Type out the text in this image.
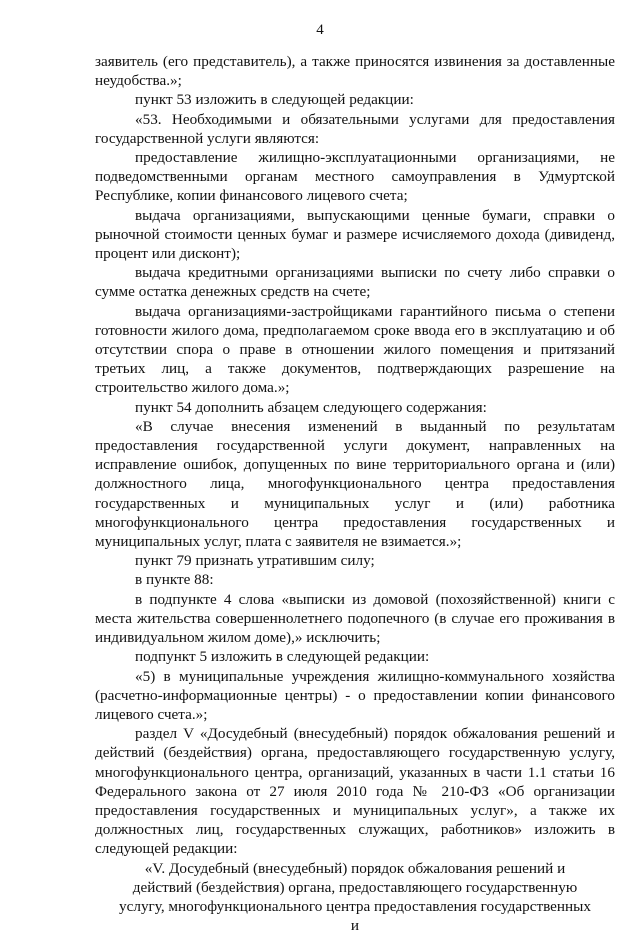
4

заявитель (его представитель), а также приносятся извинения за доставленные неудобства.»;

пункт 53 изложить в следующей редакции:

«53. Необходимыми и обязательными услугами для предоставления государственной услуги являются:

предоставление жилищно-эксплуатационными организациями, не подведомственными органам местного самоуправления в Удмуртской Республике, копии финансового лицевого счета;

выдача организациями, выпускающими ценные бумаги, справки о рыночной стоимости ценных бумаг и размере исчисляемого дохода (дивиденд, процент или дисконт);

выдача кредитными организациями выписки по счету либо справки о сумме остатка денежных средств на счете;

выдача организациями-застройщиками гарантийного письма о степени готовности жилого дома, предполагаемом сроке ввода его в эксплуатацию и об отсутствии спора о праве в отношении жилого помещения и притязаний третьих лиц, а также документов, подтверждающих разрешение на строительство жилого дома.»;

пункт 54 дополнить абзацем следующего содержания:

«В случае внесения изменений в выданный по результатам предоставления государственной услуги документ, направленных на исправление ошибок, допущенных по вине территориального органа и (или) должностного лица, многофункционального центра предоставления государственных и муниципальных услуг и (или) работника многофункционального центра предоставления государственных и муниципальных услуг, плата с заявителя не взимается.»;

пункт 79 признать утратившим силу;

в пункте 88:

в подпункте 4 слова «выписки из домовой (похозяйственной) книги с места жительства совершеннолетнего подопечного (в случае его проживания в индивидуальном жилом доме),» исключить;

подпункт 5 изложить в следующей редакции:

«5) в муниципальные учреждения жилищно-коммунального хозяйства (расчетно-информационные центры) - о предоставлении копии финансового лицевого счета.»;

раздел V «Досудебный (внесудебный) порядок обжалования решений и действий (бездействия) органа, предоставляющего государственную услугу, многофункционального центра, организаций, указанных в части 1.1 статьи 16 Федерального закона от 27 июля 2010 года № 210-ФЗ «Об организации предоставления государственных и муниципальных услуг», а также их должностных лиц, государственных служащих, работников» изложить в следующей редакции:

«V. Досудебный (внесудебный) порядок обжалования решений и действий (бездействия) органа, предоставляющего государственную услугу, многофункционального центра предоставления государственных и
